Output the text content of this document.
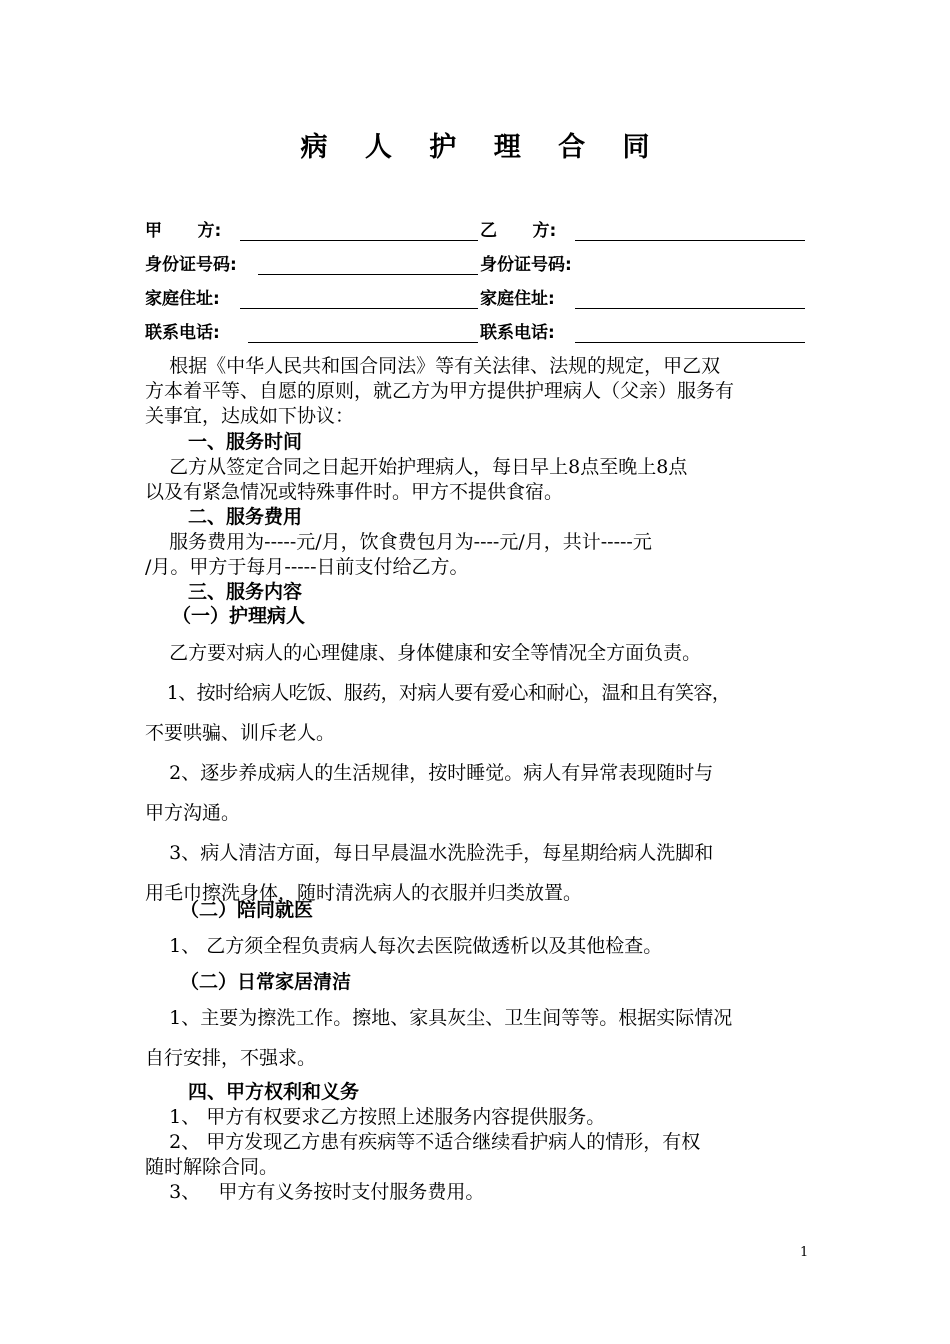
病 人 护 理 合 同
甲      方:	乙      方:
身份证号码:	身份证号码:
家庭住址:	家庭住址:
联系电话:	联系电话:
根据《中华人民共和国合同法》等有关法律、法规的规定，甲乙双
方本着平等、自愿的原则，就乙方为甲方提供护理病人（父亲）服务有
关事宜，达成如下协议：
一、服务时间
乙方从签定合同之日起开始护理病人，每日早上8点至晚上8点
以及有紧急情况或特殊事件时。甲方不提供食宿。
二、服务费用
服务费用为-----元/月，饮食费包月为----元/月，共计-----元
/月。甲方于每月-----日前支付给乙方。
三、服务内容
（一）护理病人
乙方要对病人的心理健康、身体健康和安全等情况全方面负责。
1、按时给病人吃饭、服药，对病人要有爱心和耐心，温和且有笑容，
不要哄骗、训斥老人。
2、逐步养成病人的生活规律，按时睡觉。病人有异常表现随时与
甲方沟通。
3、病人清洁方面，每日早晨温水洗脸洗手，每星期给病人洗脚和
用毛巾擦洗身体，随时清洗病人的衣服并归类放置。
（二）陪同就医
1、 乙方须全程负责病人每次去医院做透析以及其他检查。
（二）日常家居清洁
1、主要为擦洗工作。擦地、家具灰尘、卫生间等等。根据实际情况
自行安排，不强求。
四、甲方权利和义务
1、 甲方有权要求乙方按照上述服务内容提供服务。
2、 甲方发现乙方患有疾病等不适合继续看护病人的情形，有权
随时解除合同。
3、   甲方有义务按时支付服务费用。
1
